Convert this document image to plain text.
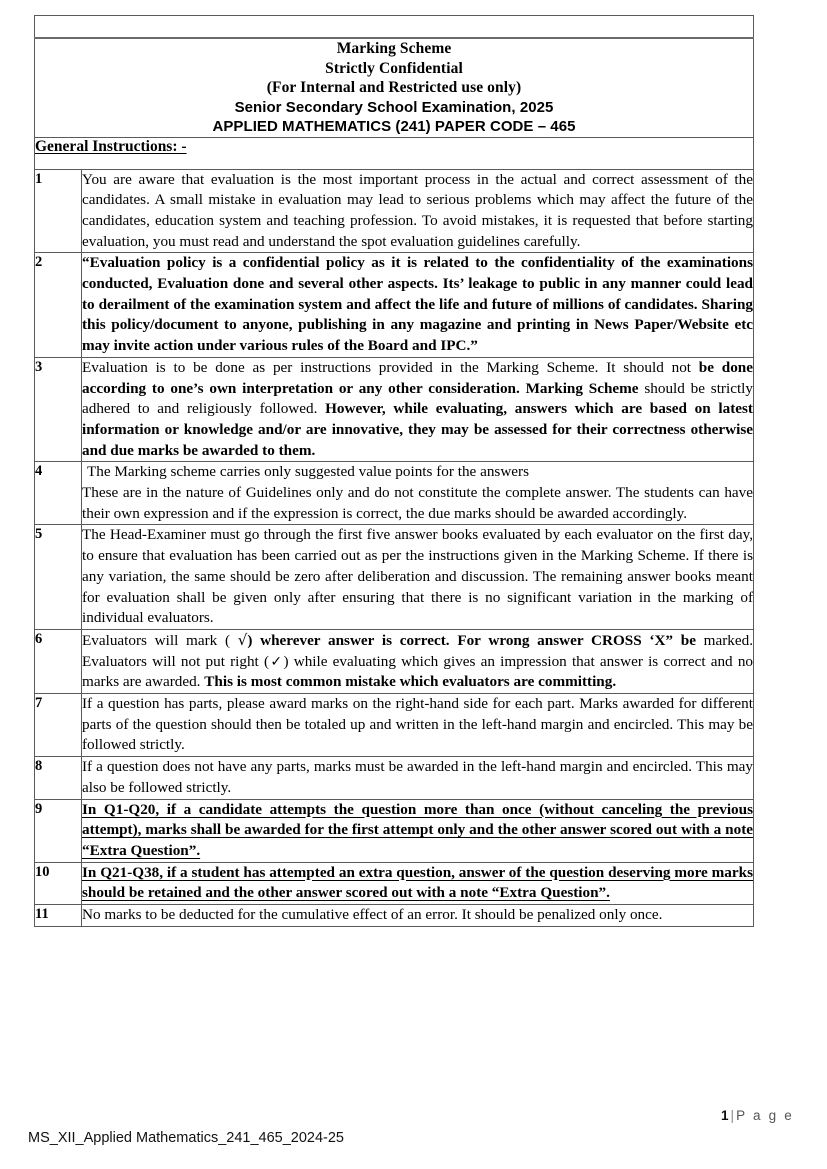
Marking Scheme
Strictly Confidential
(For Internal and Restricted use only)
Senior Secondary School Examination, 2025
APPLIED MATHEMATICS (241) PAPER CODE – 465	

General Instructions: -	
1	You are aware that evaluation is the most important process in the actual and correct assessment of the candidates. A small mistake in evaluation may lead to serious problems which may affect the future of the candidates, education system and teaching profession. To avoid mistakes, it is requested that before starting evaluation, you must read and understand the spot evaluation guidelines carefully.

2	“Evaluation policy is a confidential policy as it is related to the confidentiality of the examinations conducted, Evaluation done and several other aspects. Its’ leakage to public in any manner could lead to derailment of the examination system and affect the life and future of millions of candidates. Sharing this policy/document to anyone, publishing in any magazine and printing in News Paper/Website etc may invite action under various rules of the Board and IPC.”

3	Evaluation is to be done as per instructions provided in the Marking Scheme. It should not be done according to one’s own interpretation or any other consideration. Marking Scheme should be strictly adhered to and religiously followed. However, while evaluating, answers which are based on latest information or knowledge and/or are innovative, they may be assessed for their correctness otherwise and due marks be awarded to them.

4	The Marking scheme carries only suggested value points for the answers

These are in the nature of Guidelines only and do not constitute the complete answer. The students can have their own expression and if the expression is correct, the due marks should be awarded accordingly.

5	The Head-Examiner must go through the first five answer books evaluated by each evaluator on the first day, to ensure that evaluation has been carried out as per the instructions given in the Marking Scheme. If there is any variation, the same should be zero after deliberation and discussion. The remaining answer books meant for evaluation shall be given only after ensuring that there is no significant variation in the marking of individual evaluators.

6	Evaluators will mark ( √) wherever answer is correct. For wrong answer CROSS ‘X” be marked. Evaluators will not put right (✓) while evaluating which gives an impression that answer is correct and no marks are awarded. This is most common mistake which evaluators are committing.

7	If a question has parts, please award marks on the right-hand side for each part. Marks awarded for different parts of the question should then be totaled up and written in the left-hand margin and encircled. This may be followed strictly.

8	If a question does not have any parts, marks must be awarded in the left-hand margin and encircled. This may also be followed strictly.

9	In Q1-Q20, if a candidate attempts the question more than once (without canceling the previous attempt), marks shall be awarded for the first attempt only and the other answer scored out with a note “Extra Question”.

10	In Q21-Q38, if a student has attempted an extra question, answer of the question deserving more marks should be retained and the other answer scored out with a note “Extra Question”.

11	No marks to be deducted for the cumulative effect of an error. It should be penalized only once.

1 | P a g e
MS_XII_Applied Mathematics_241_465_2024-25
